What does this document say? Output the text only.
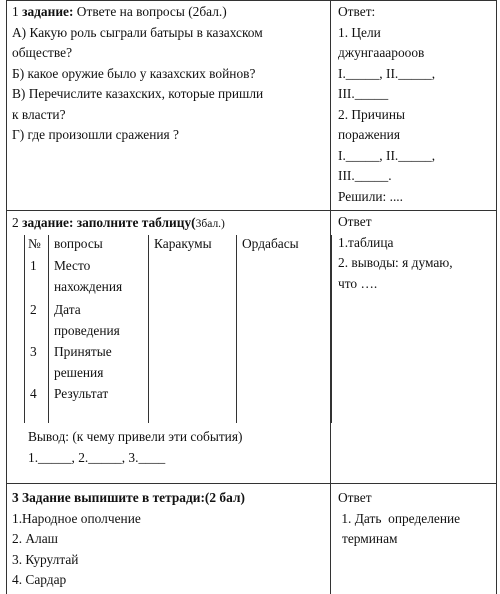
1 задание: Ответе на вопросы (2бал.)
А) Какую роль сыграли батыры в казахском
обществе?
Б) какое оружие было у казахских войнов?
В) Перечислите казахских, которые пришли
к власти?
Г) где произошли сражения ?
Ответ:
1. Цели
джунгааарооов
I._____, II._____,
III._____
2. Причины
поражения
I._____, II._____,
III._____.
Решили: ....
2 задание: заполните таблицу(3бал.)
№ вопросы	Каракумы Ордабасы
1 Место
нахождения
2 Дата
проведения
3 Принятые
решения
4 Результат
Вывод: (к чему привели эти события)
1._____, 2._____, 3.____
Ответ
1.таблица
2. выводы: я думаю,
что ….
3 Задание выпишите в тетради:(2 бал)
1.Народное ополчение
2. Алаш
3. Курултай
4. Сардар
Ответ
1. Дать  определение
терминам
